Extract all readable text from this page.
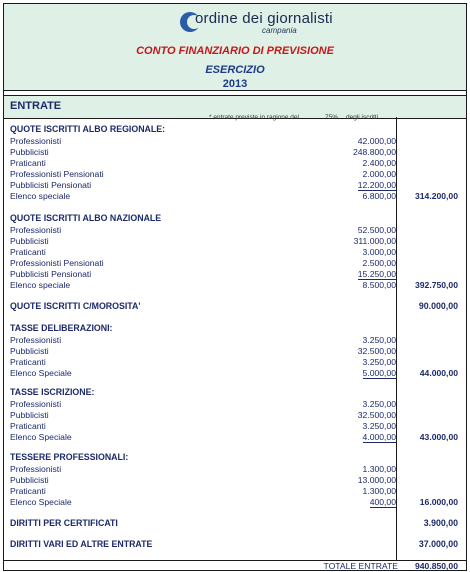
ordine dei giornalisti
campania
CONTO FINANZIARIO DI PREVISIONE
ESERCIZIO
2013
ENTRATE
* entrate previste in ragione del	75% degli iscritti
QUOTE ISCRITTI ALBO REGIONALE:
Professionisti	42.000,00
Pubblicisti	248.800,00
Praticanti	2.400,00
Professionisti Pensionati	2.000,00
Pubblicisti Pensionati	12.200,00
Elenco speciale	6.800,00 314.200,00
QUOTE ISCRITTI ALBO NAZIONALE
Professionisti	52.500,00
Pubblicisti	311.000,00
Praticanti	3.000,00
Professionisti Pensionati	2.500,00
Pubblicisti Pensionati	15.250,00
Elenco speciale	8.500,00 392.750,00
QUOTE ISCRITTI C/MOROSITA'	90.000,00
TASSE DELIBERAZIONI:
Professionisti	3.250,00
Pubblicisti	32.500,00
Praticanti	3.250,00
Elenco Speciale	5.000,00	44.000,00
TASSE ISCRIZIONE:
Professionisti	3.250,00
Pubblicisti	32.500,00
Praticanti	3.250,00
Elenco Speciale	4.000,00	43.000,00
TESSERE PROFESSIONALI:
Professionisti	1.300,00
Pubblicisti	13.000,00
Praticanti	1.300,00
Elenco Speciale	400,00	16.000,00
DIRITTI PER CERTIFICATI	3.900,00
DIRITTI VARI ED ALTRE ENTRATE	37.000,00
TOTALE ENTRATE 940.850,00
